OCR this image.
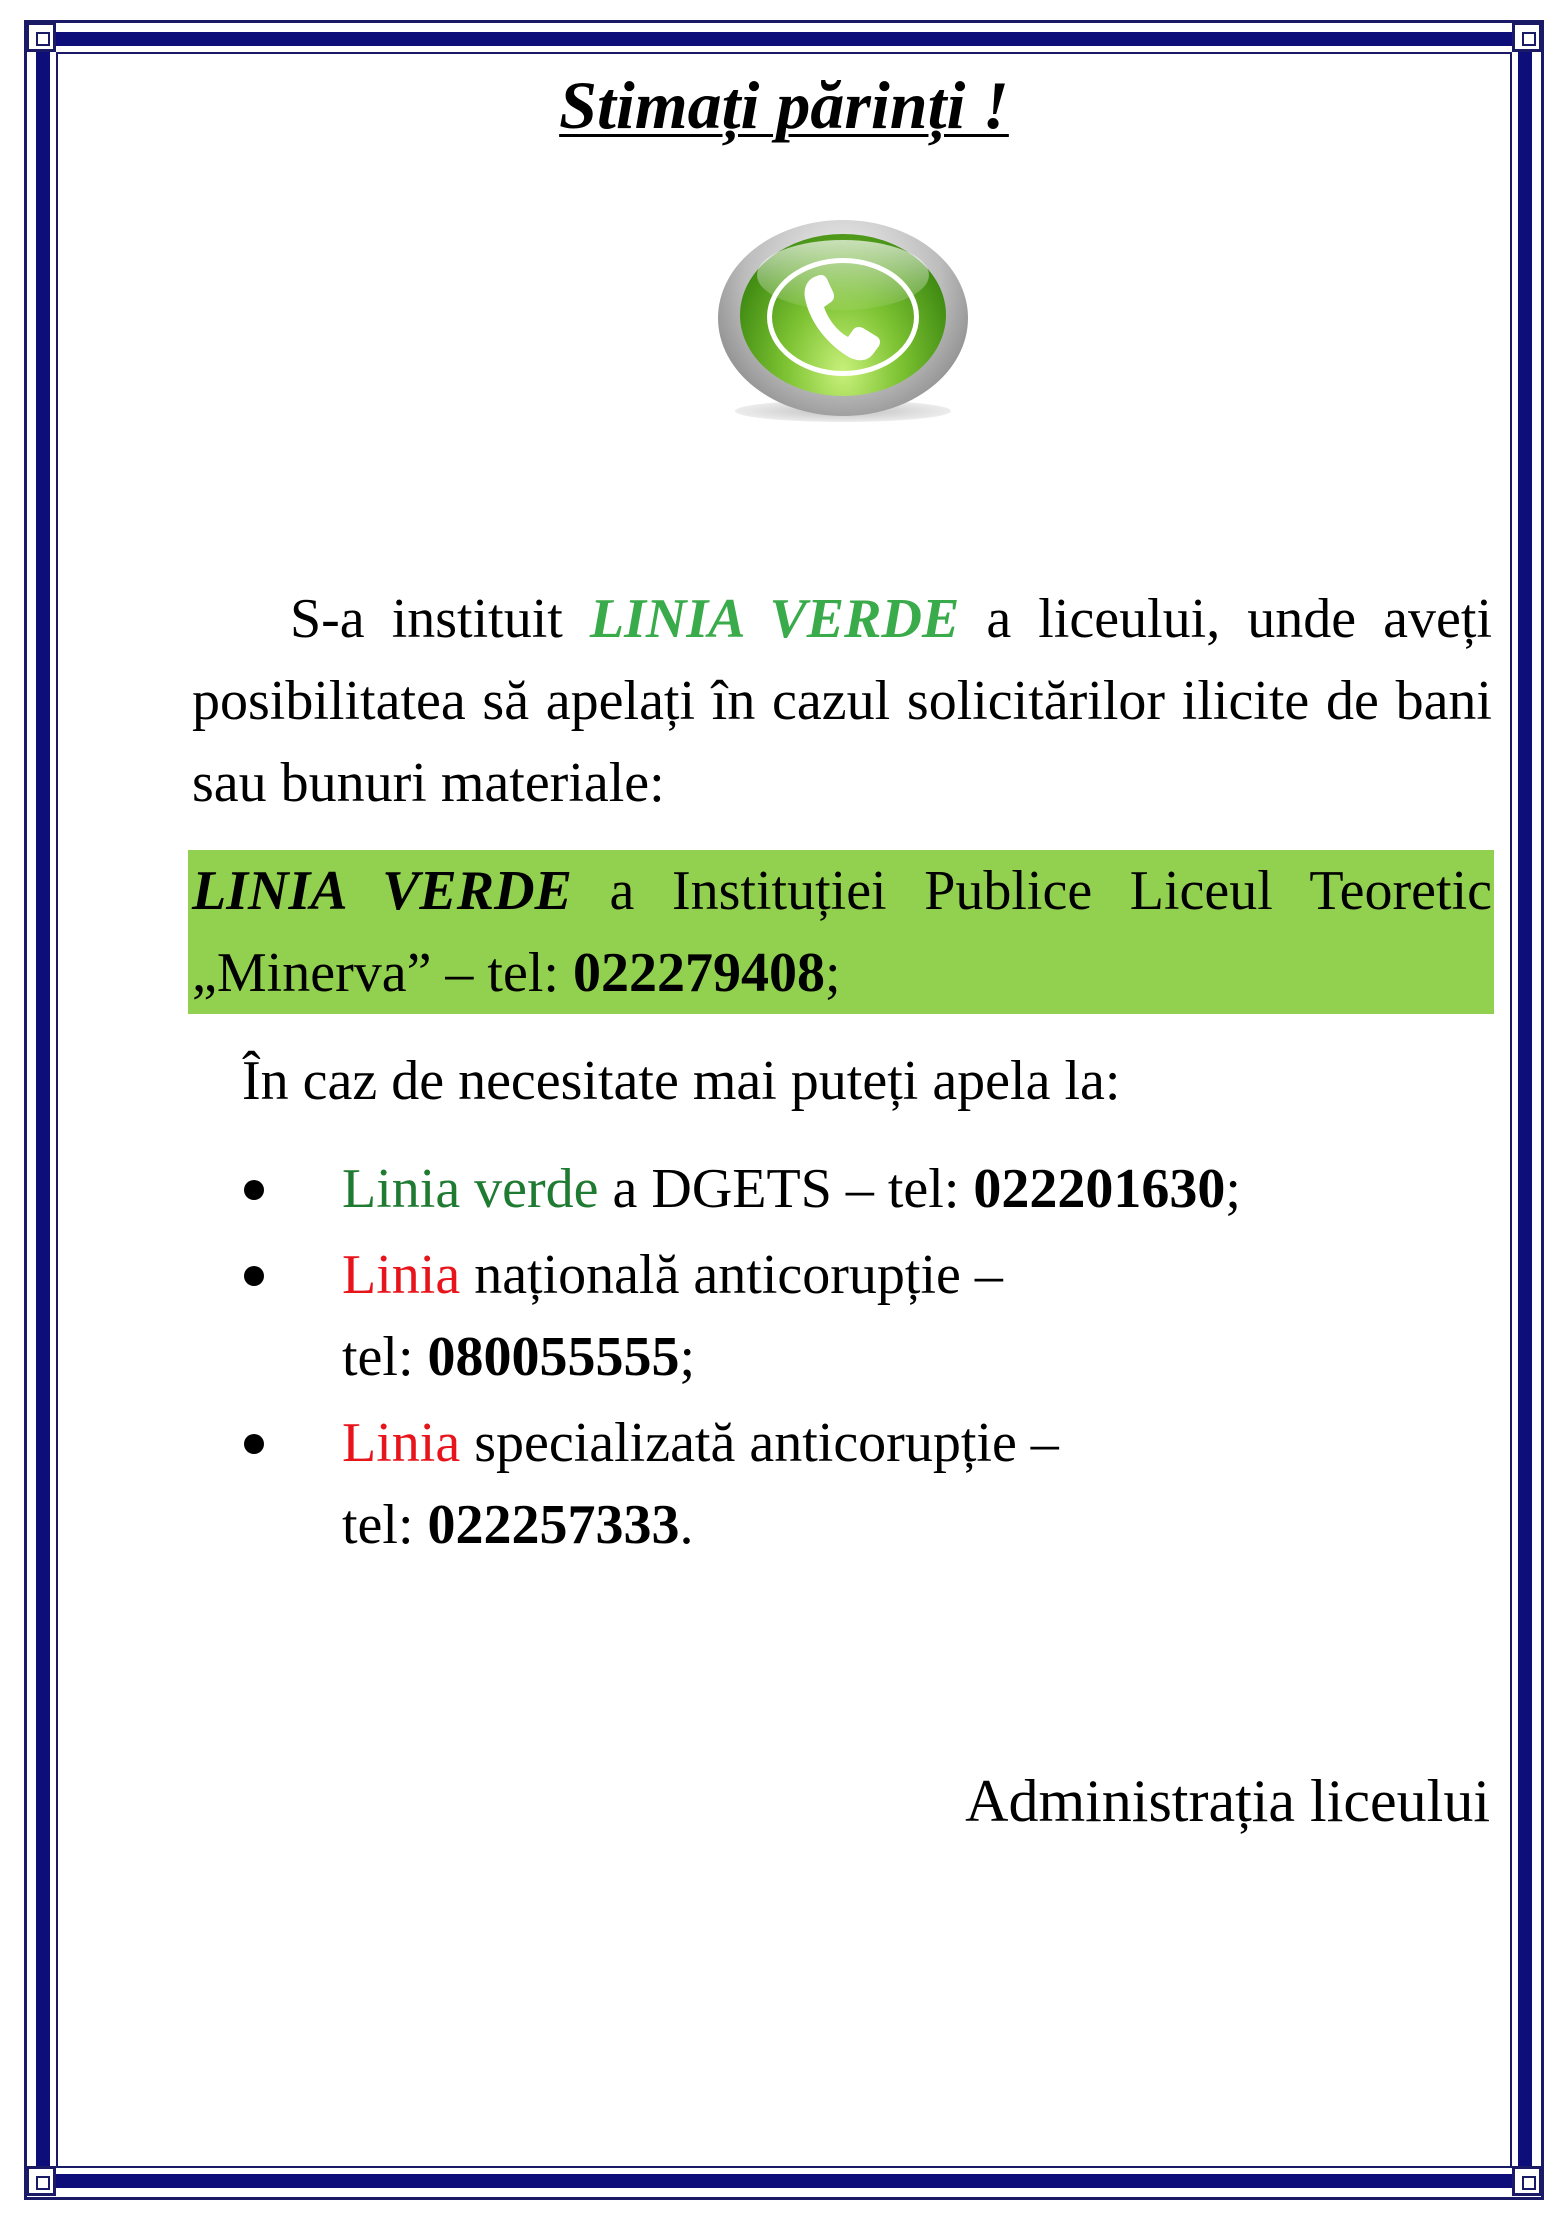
Stimați părinți !
S-a instituit LINIA VERDE a liceului, unde aveți posibilitatea să apelați în cazul solicitărilor ilicite de bani sau bunuri materiale:
LINIA VERDE a Instituției Publice Liceul Teoretic „Minerva” – tel: 022279408;
În caz de necesitate mai puteți apela la:
Linia verde a DGETS – tel: 022201630;
Linia națională anticorupție –
tel: 080055555;
Linia specializată anticorupție –
tel: 022257333.
Administrația liceului
